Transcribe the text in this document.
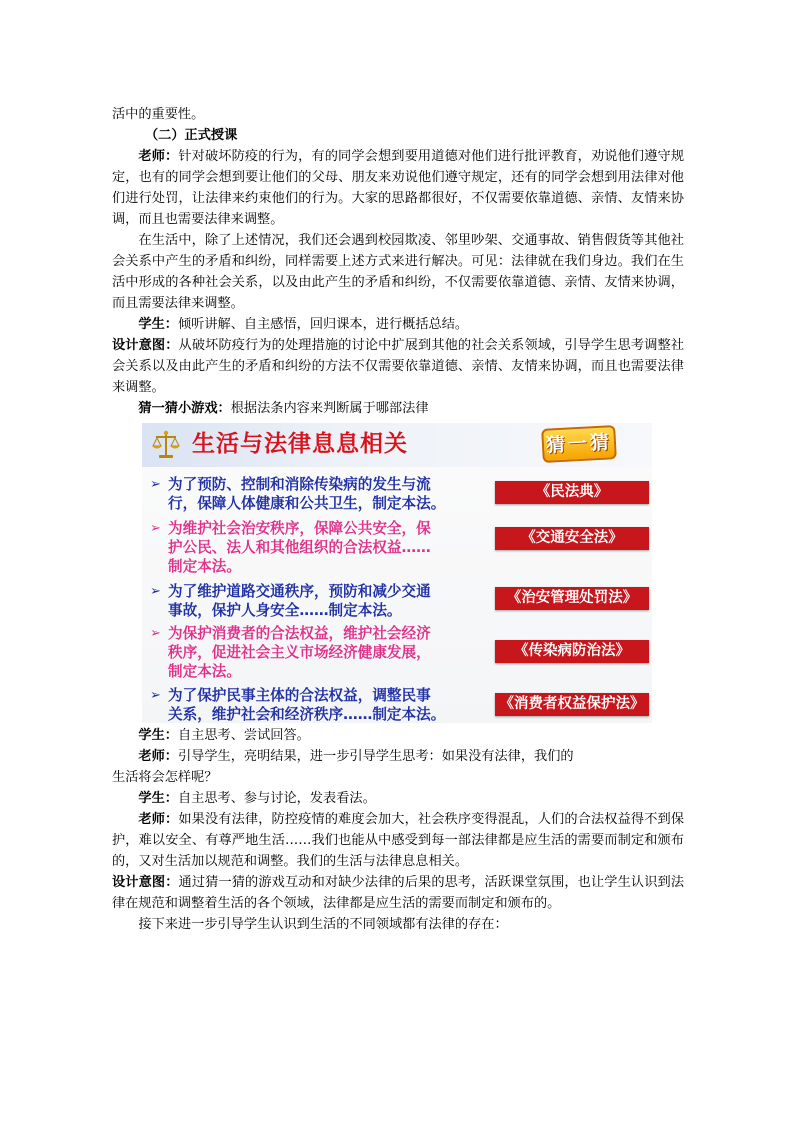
活中的重要性。

（二）正式授课

老师：针对破坏防疫的行为，有的同学会想到要用道德对他们进行批评教育，劝说他们遵守规定，也有的同学会想到要让他们的父母、朋友来劝说他们遵守规定，还有的同学会想到用法律对他们进行处罚，让法律来约束他们的行为。大家的思路都很好，不仅需要依靠道德、亲情、友情来协调，而且也需要法律来调整。

在生活中，除了上述情况，我们还会遇到校园欺凌、邻里吵架、交通事故、销售假货等其他社会关系中产生的矛盾和纠纷，同样需要上述方式来进行解决。可见：法律就在我们身边。我们在生活中形成的各种社会关系，以及由此产生的矛盾和纠纷，不仅需要依靠道德、亲情、友情来协调，而且需要法律来调整。

学生：倾听讲解、自主感悟，回归课本，进行概括总结。

设计意图：从破坏防疫行为的处理措施的讨论中扩展到其他的社会关系领域，引导学生思考调整社会关系以及由此产生的矛盾和纠纷的方法不仅需要依靠道德、亲情、友情来协调，而且也需要法律来调整。

猜一猜小游戏：根据法条内容来判断属于哪部法律

生活与法律息息相关	猜一猜
➢ 为了预防、控制和消除传染病的发生与流
行，保障人体健康和公共卫生，制定本法。
➢ 为维护社会治安秩序，保障公共安全，保
护公民、法人和其他组织的合法权益……
制定本法。
➢ 为了维护道路交通秩序，预防和减少交通
事故，保护人身安全……制定本法。
➢ 为保护消费者的合法权益，维护社会经济
秩序，促进社会主义市场经济健康发展，
制定本法。
➢ 为了保护民事主体的合法权益，调整民事
关系，维护社会和经济秩序……制定本法。
《民法典》
《交通安全法》
《治安管理处罚法》
《传染病防治法》
《消费者权益保护法》

学生：自主思考、尝试回答。

老师：引导学生，亮明结果，进一步引导学生思考：如果没有法律，我们的

生活将会怎样呢？

学生：自主思考、参与讨论，发表看法。

老师：如果没有法律，防控疫情的难度会加大，社会秩序变得混乱，人们的合法权益得不到保护，难以安全、有尊严地生活……我们也能从中感受到每一部法律都是应生活的需要而制定和颁布的，又对生活加以规范和调整。我们的生活与法律息息相关。

设计意图：通过猜一猜的游戏互动和对缺少法律的后果的思考，活跃课堂氛围，也让学生认识到法律在规范和调整着生活的各个领域，法律都是应生活的需要而制定和颁布的。

接下来进一步引导学生认识到生活的不同领域都有法律的存在：
